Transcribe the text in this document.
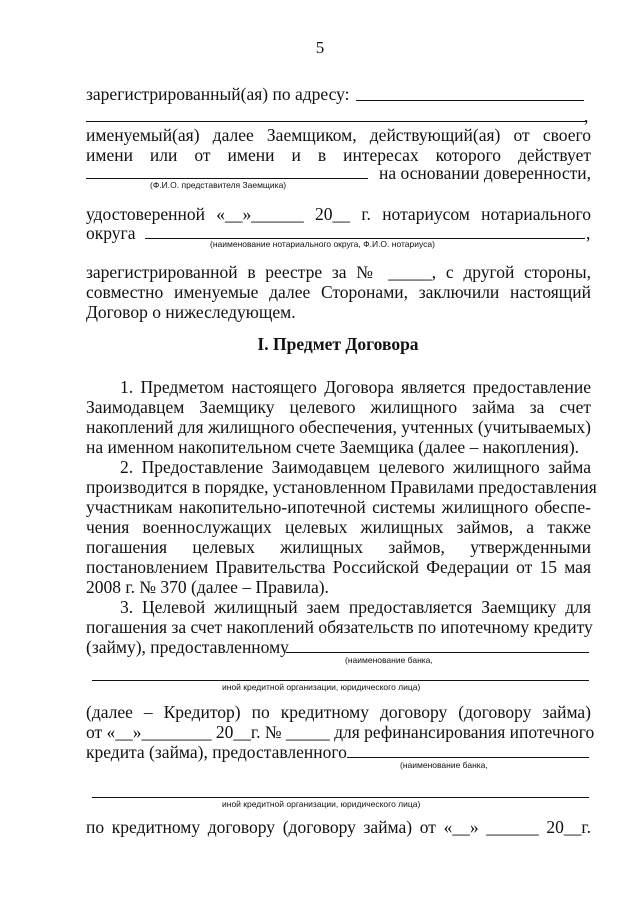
5
зарегистрированный(ая) по адресу:
,
именуемый(ая) далее Заемщиком, действующий(ая) от своего
имени или от имени и в интересах которого действует
на основании доверенности,
(Ф.И.О. представителя Заемщика)
удостоверенной «__»______ 20__ г. нотариусом нотариального
округа	,
(наименование нотариального округа, Ф.И.О. нотариуса)
зарегистрированной в реестре за № _____, с другой стороны,
совместно именуемые далее Сторонами, заключили настоящий
Договор о нижеследующем.
I. Предмет Договора
1. Предметом настоящего Договора является предоставление
Заимодавцем Заемщику целевого жилищного займа за счет
накоплений для жилищного обеспечения, учтенных (учитываемых)
на именном накопительном счете Заемщика (далее – накопления).
2. Предоставление Заимодавцем целевого жилищного займа
производится в порядке, установленном Правилами предоставления
участникам накопительно-ипотечной системы жилищного обеспе-
чения военнослужащих целевых жилищных займов, а также
погашения целевых жилищных займов, утвержденными
постановлением Правительства Российской Федерации от 15 мая
2008 г. № 370 (далее – Правила).
3. Целевой жилищный заем предоставляется Заемщику для
погашения за счет накоплений обязательств по ипотечному кредиту
(займу), предоставленному
(наименование банка,
иной кредитной организации, юридического лица)
(далее – Кредитор) по кредитному договору (договору займа)
от «__»________ 20__г. № _____ для рефинансирования ипотечного
кредита (займа), предоставленного
(наименование банка,
иной кредитной организации, юридического лица)
по кредитному договору (договору займа) от «__» ______ 20__г.
